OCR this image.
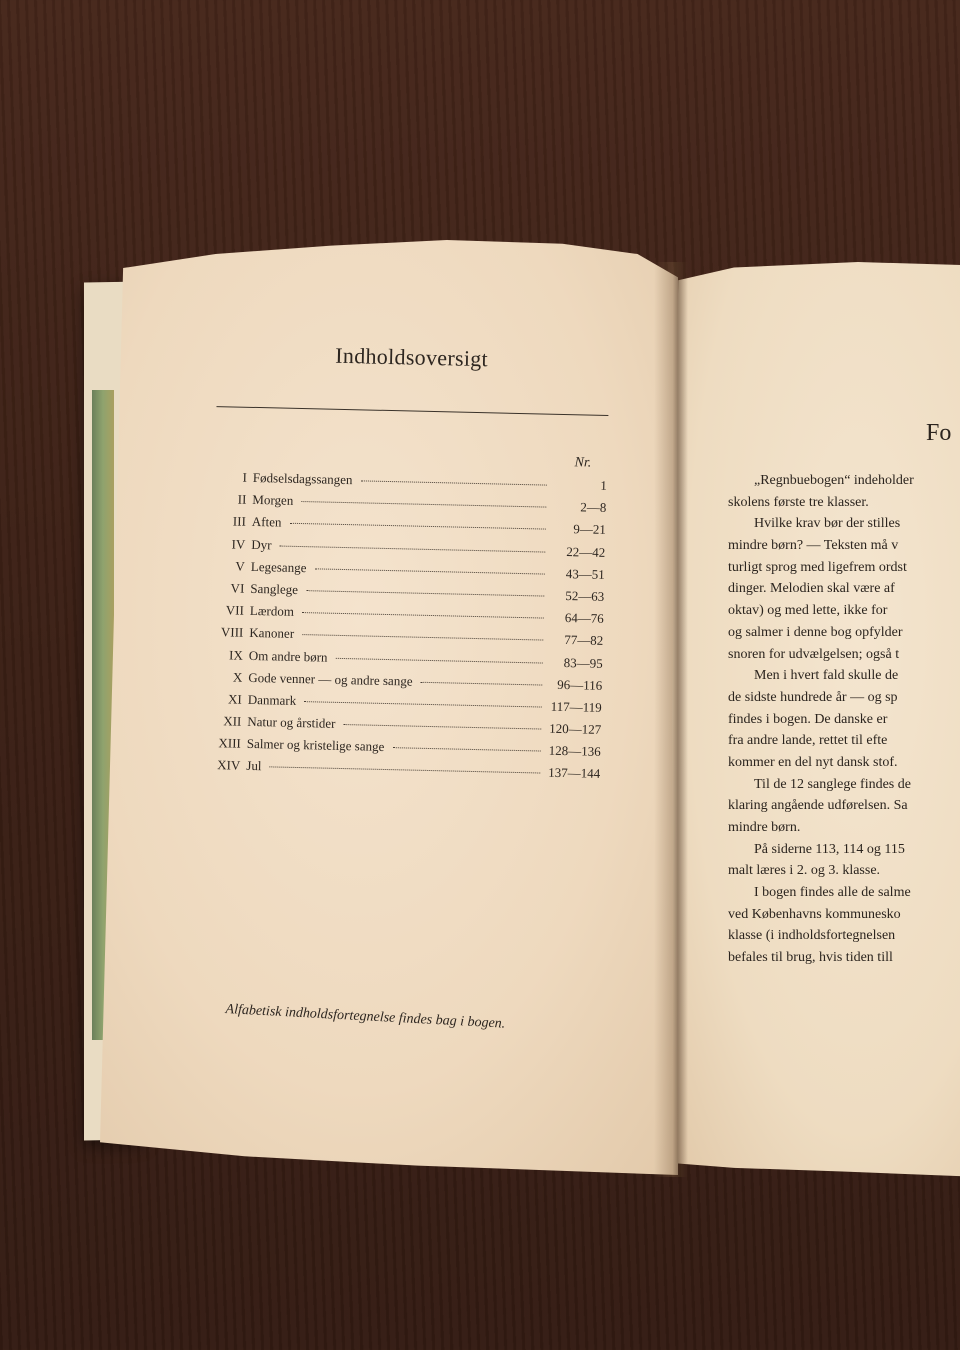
Indholdsoversigt
Nr.
I Fødselsdagssangen	1
II Morgen	2—8
III Aften	9—21
IV Dyr	22—42
V Legesange	43—51
VI Sanglege	52—63
VII Lærdom	64—76
VIII Kanoner	77—82
IX Om andre børn	83—95
X Gode venner — og andre sange	96—116
XI Danmark	117—119
XII Natur og årstider	120—127
XIII Salmer og kristelige sange	128—136
XIV Jul	137—144
Alfabetisk indholdsfortegnelse findes bag i bogen.
Fo
„Regnbuebogen“ indeholder
skolens første tre klasser.
Hvilke krav bør der stilles
mindre børn? — Teksten må v
turligt sprog med ligefrem ordst
dinger. Melodien skal være af
oktav) og med lette, ikke for
og salmer i denne bog opfylder
snoren for udvælgelsen; også t
Men i hvert fald skulle de
de sidste hundrede år — og sp
findes i bogen. De danske er
fra andre lande, rettet til efte
kommer en del nyt dansk stof.
Til de 12 sanglege findes de
klaring angående udførelsen. Sa
mindre børn.
På siderne 113, 114 og 115
malt læres i 2. og 3. klasse.
I bogen findes alle de salme
ved Københavns kommunesko
klasse (i indholdsfortegnelsen
befales til brug, hvis tiden till
